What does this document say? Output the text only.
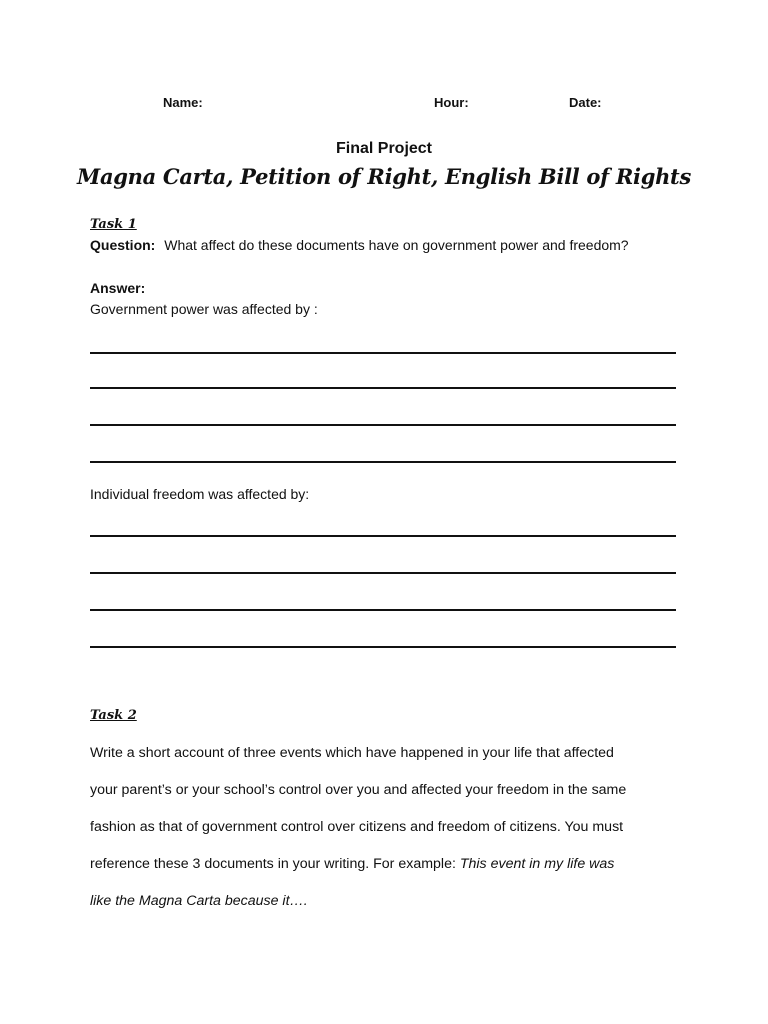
Name:	Hour:	Date:
Final Project
Magna Carta, Petition of Right, English Bill of Rights
Task 1
Question: What affect do these documents have on government power and freedom?
Answer:
Government power was affected by :
Individual freedom was affected by:
Task 2

Write a short account of three events which have happened in your life that affected

your parent’s or your school’s control over you and affected your freedom in the same

fashion as that of government control over citizens and freedom of citizens. You must

reference these 3 documents in your writing. For example: This event in my life was

like the Magna Carta because it….
